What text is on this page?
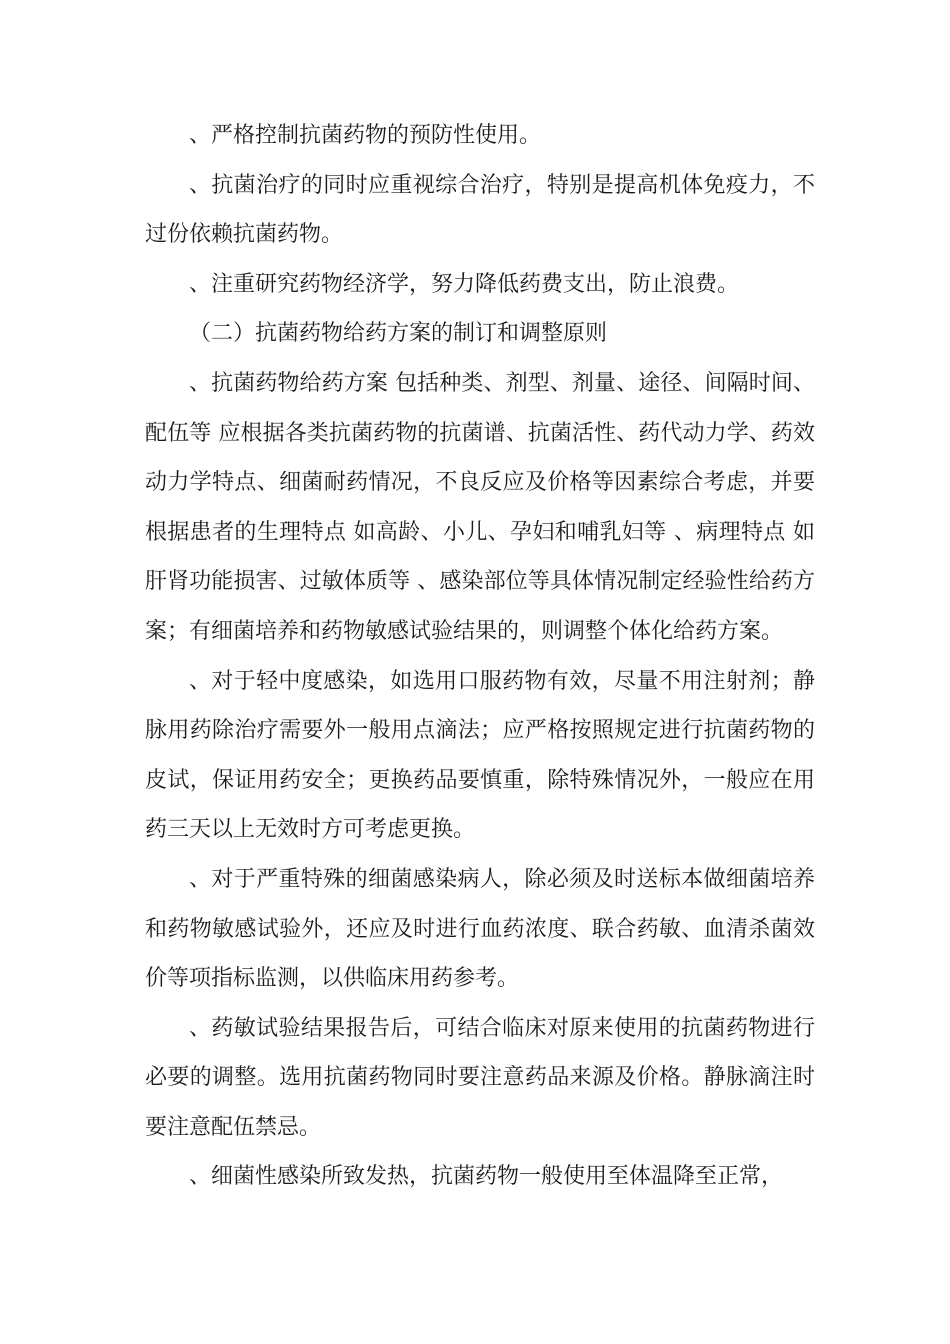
、严格控制抗菌药物的预防性使用。

、抗菌治疗的同时应重视综合治疗，特别是提高机体免疫力，不过份依赖抗菌药物。

、注重研究药物经济学，努力降低药费支出，防止浪费。

（二）抗菌药物给药方案的制订和调整原则

、抗菌药物给药方案 包括种类、剂型、剂量、途径、间隔时间、配伍等 应根据各类抗菌药物的抗菌谱、抗菌活性、药代动力学、药效动力学特点、细菌耐药情况，不良反应及价格等因素综合考虑，并要根据患者的生理特点 如高龄、小儿、孕妇和哺乳妇等 、病理特点 如肝肾功能损害、过敏体质等 、感染部位等具体情况制定经验性给药方案；有细菌培养和药物敏感试验结果的，则调整个体化给药方案。

、对于轻中度感染，如选用口服药物有效，尽量不用注射剂；静脉用药除治疗需要外一般用点滴法；应严格按照规定进行抗菌药物的皮试，保证用药安全；更换药品要慎重，除特殊情况外，一般应在用药三天以上无效时方可考虑更换。

、对于严重特殊的细菌感染病人，除必须及时送标本做细菌培养和药物敏感试验外，还应及时进行血药浓度、联合药敏、血清杀菌效价等项指标监测，以供临床用药参考。

、药敏试验结果报告后，可结合临床对原来使用的抗菌药物进行必要的调整。选用抗菌药物同时要注意药品来源及价格。静脉滴注时要注意配伍禁忌。

、细菌性感染所致发热，抗菌药物一般使用至体温降至正常，
